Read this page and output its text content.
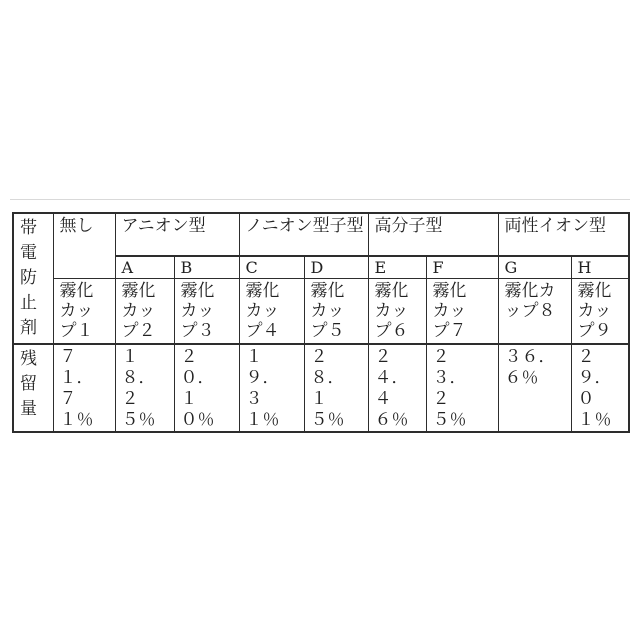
帯
電
防
止
剤	無し	アニオン型		ノニオン型子型		高分子型		両性イオン型	
		A	B	C	D	E	F	G	H
	霧化
カッ
プ１	霧化
カッ
プ２	霧化
カッ
プ３	霧化
カッ
プ４	霧化
カッ
プ５	霧化
カッ
プ６	霧化
カッ
プ７	霧化カ
ップ８	霧化
カッ
プ９
残
留
量	７
１．
７
１％	１
８．
２
５％	２
０．
１
０％	１
９．
３
１％	２
８．
１
５％	２
４．
４
６％	２
３．
２
５％	３６．
６％	２
９．
０
１％
